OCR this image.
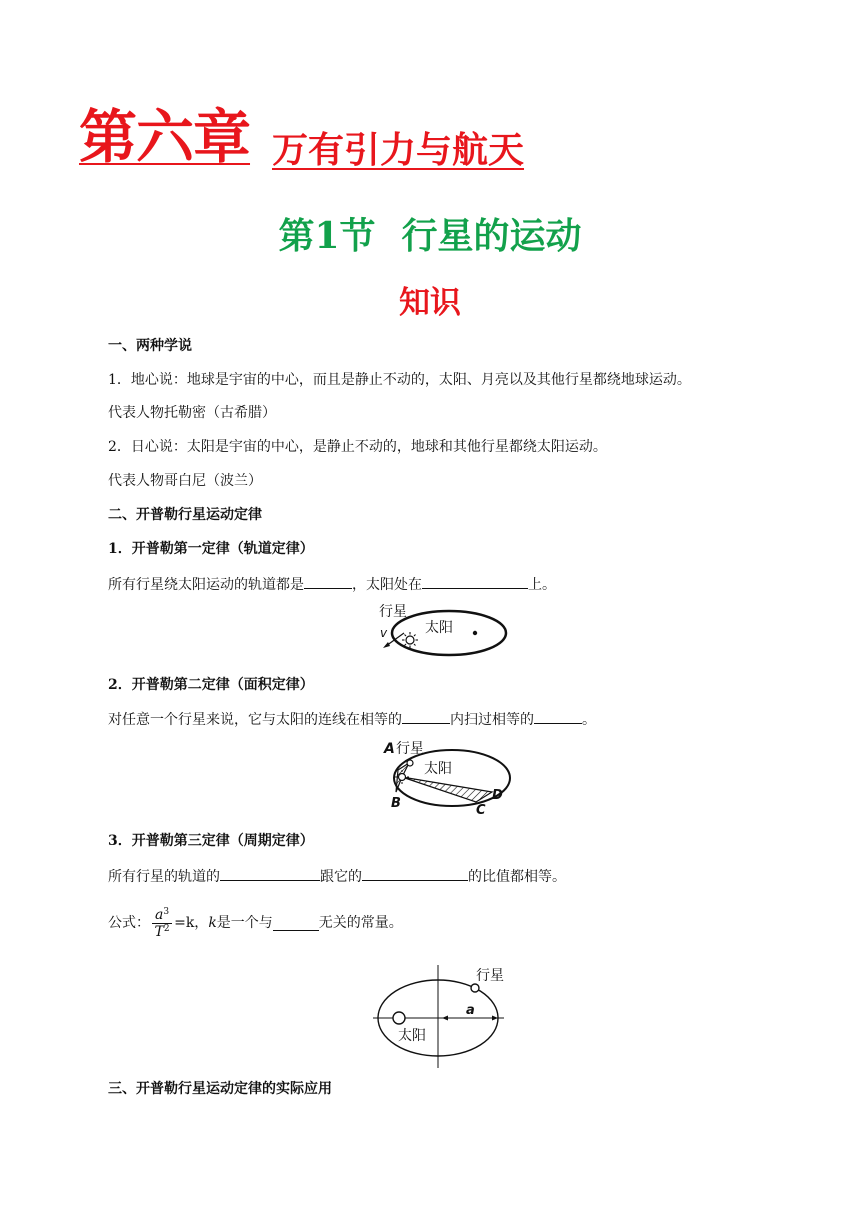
第六章 万有引力与航天
第1节 行星的运动
知识
一、两种学说
1．地心说：地球是宇宙的中心，而且是静止不动的，太阳、月亮以及其他行星都绕地球运动。
代表人物托勒密（古希腊）
2．日心说：太阳是宇宙的中心，是静止不动的，地球和其他行星都绕太阳运动。
代表人物哥白尼（波兰）
二、开普勒行星运动定律
1．开普勒第一定律（轨道定律）
所有行星绕太阳运动的轨道都是	，太阳处在	上。
行星
太阳
v
2．开普勒第二定律（面积定律）
对任意一个行星来说，它与太阳的连线在相等的	内扫过相等的	。
A 行星
太阳
B	C
D
3．开普勒第三定律（周期定律）
所有行星的轨道的	跟它的	的比值都相等。
公式： $\frac{a^3}{T^2} =k$， k 是一个与	无关的常量。
a
行星
太阳
三、开普勒行星运动定律的实际应用
